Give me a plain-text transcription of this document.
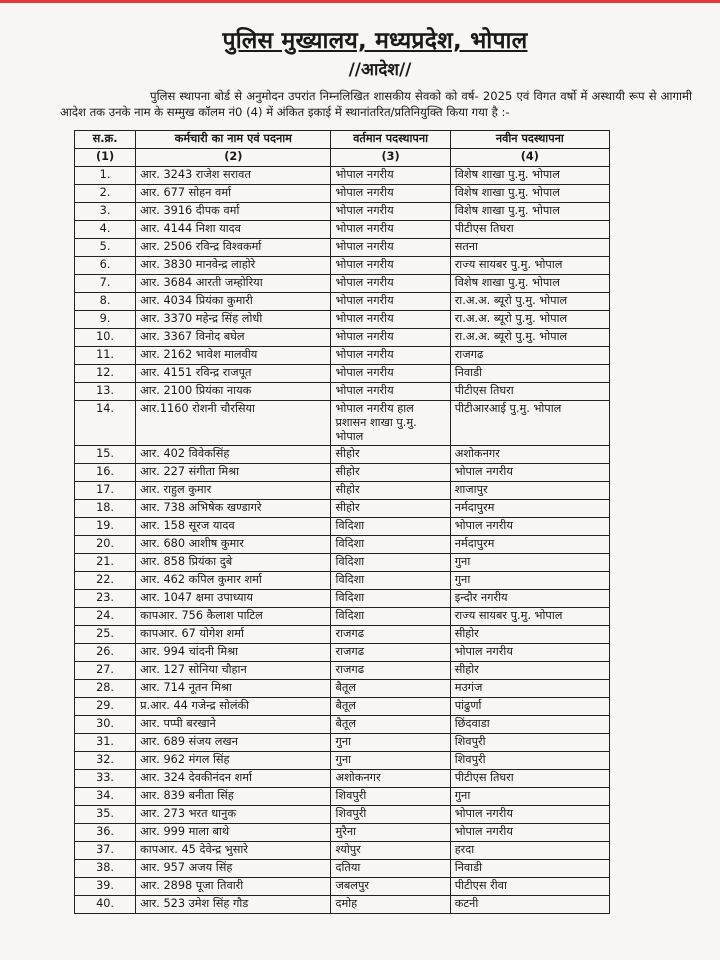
पुलिस मुख्यालय, मध्यप्रदेश, भोपाल
//आदेश//
पुलिस स्थापना बोर्ड से अनुमोदन उपरांत निम्नलिखित शासकीय सेवको को वर्ष- 2025 एवं विगत वर्षो में अस्थायी रूप से आगामी आदेश तक उनके नाम के सम्मुख कॉलम नं0 (4) में अंकित इकाई में स्थानांतरित/प्रतिनियुक्ति किया गया है :-
स.क्र.	कर्मचारी का नाम एवं पदनाम	वर्तमान पदस्थापना	नवीन पदस्थापना
(1)	(2)	(3)	(4)
1.	आर. 3243 राजेश सरावत	भोपाल नगरीय	विशेष शाखा पु.मु. भोपाल
2.	आर. 677 सोहन वर्मा	भोपाल नगरीय	विशेष शाखा पु.मु. भोपाल
3.	आर. 3916 दीपक वर्मा	भोपाल नगरीय	विशेष शाखा पु.मु. भोपाल
4.	आर. 4144 निशा यादव	भोपाल नगरीय	पीटीएस तिघरा
5.	आर. 2506 रविन्द्र विश्वकर्मा	भोपाल नगरीय	सतना
6.	आर. 3830 मानवेन्द्र लाहोरे	भोपाल नगरीय	राज्य सायबर पु.मु. भोपाल
7.	आर. 3684 आरती जम्होरिया	भोपाल नगरीय	विशेष शाखा पु.मु. भोपाल
8.	आर. 4034 प्रियंका कुमारी	भोपाल नगरीय	रा.अ.अ. ब्यूरो पु.मु. भोपाल
9.	आर. 3370 महेन्द्र सिंह लोधी	भोपाल नगरीय	रा.अ.अ. ब्यूरो पु.मु. भोपाल
10.	आर. 3367 विनोद बघेल	भोपाल नगरीय	रा.अ.अ. ब्यूरो पु.मु. भोपाल
11.	आर. 2162 भावेश मालवीय	भोपाल नगरीय	राजगढ
12.	आर. 4151 रविन्द्र राजपूत	भोपाल नगरीय	निवाडी
13.	आर. 2100 प्रियंका नायक	भोपाल नगरीय	पीटीएस तिघरा
14.	आर.1160 रोशनी चौरसिया	भोपाल नगरीय हाल प्रशासन शाखा पु.मु. भोपाल	पीटीआरआई पु.मु. भोपाल
15.	आर. 402 विवेकसिंह	सीहोर	अशोकनगर
16.	आर. 227 संगीता मिश्रा	सीहोर	भोपाल नगरीय
17.	आर. राहुल कुमार	सीहोर	शाजापुर
18.	आर. 738 अभिषेक खण्डागरे	सीहोर	नर्मदापुरम
19.	आर. 158 सूरज यादव	विदिशा	भोपाल नगरीय
20.	आर. 680 आशीष कुमार	विदिशा	नर्मदापुरम
21.	आर. 858 प्रियंका दुबे	विदिशा	गुना
22.	आर. 462 कपिल कुमार शर्मा	विदिशा	गुना
23.	आर. 1047 क्षमा उपाध्याय	विदिशा	इन्दौर नगरीय
24.	कापआर. 756 कैलाश पाटिल	विदिशा	राज्य सायबर पु.मु. भोपाल
25.	कापआर. 67 योगेश शर्मा	राजगढ	सीहोर
26.	आर. 994 चांदनी मिश्रा	राजगढ	भोपाल नगरीय
27.	आर. 127 सोनिया चौहान	राजगढ	सीहोर
28.	आर. 714 नूतन मिश्रा	बैतूल	मउगंज
29.	प्र.आर. 44 गजेन्द्र सोलंकी	बैतूल	पांढुर्णा
30.	आर. पप्पी बरखाने	बैतूल	छिंदवाडा
31.	आर. 689 संजय लखन	गुना	शिवपुरी
32.	आर. 962 मंगल सिंह	गुना	शिवपुरी
33.	आर. 324 देवकीनंदन शर्मा	अशोकनगर	पीटीएस तिघरा
34.	आर. 839 बनीता सिंह	शिवपुरी	गुना
35.	आर. 273 भरत धानुक	शिवपुरी	भोपाल नगरीय
36.	आर. 999 माला बाथे	मुरैना	भोपाल नगरीय
37.	कापआर. 45 देवेन्द्र भुसारे	श्योपुर	हरदा
38.	आर. 957 अजय सिंह	दतिया	निवाडी
39.	आर. 2898 पूजा तिवारी	जबलपुर	पीटीएस रीवा
40.	आर. 523 उमेश सिंह गौड	दमोह	कटनी
